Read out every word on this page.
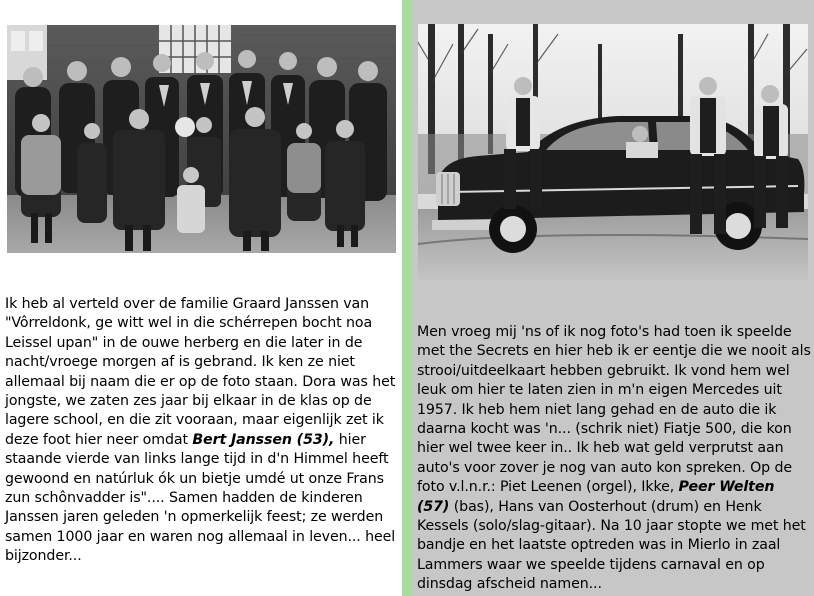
Ik heb al verteld over de familie Graard Janssen van "Vôrreldonk, ge witt wel in die schérrepen bocht noa Leissel upan" in de ouwe herberg en die later in de nacht/vroege morgen af is gebrand. Ik ken ze niet allemaal bij naam die er op de foto staan. Dora was het jongste, we zaten zes jaar bij elkaar in de klas op de lagere school, en die zit vooraan, maar eigenlijk zet ik deze foot hier neer omdat Bert Janssen (53), hier staande vierde van links lange tijd in d'n Himmel heeft gewoond en natúrluk ók un bietje umdé ut onze Frans zun schônvadder is".... Samen hadden de kinderen Janssen jaren geleden 'n opmerkelijk feest; ze werden samen 1000 jaar en waren nog allemaal in leven... heel bijzonder...

Men vroeg mij 'ns of ik nog foto's had toen ik speelde met the Secrets en hier heb ik er eentje die we nooit als strooi/uitdeelkaart hebben gebruikt. Ik vond hem wel leuk om hier te laten zien in m'n eigen Mercedes uit 1957. Ik heb hem niet lang gehad en de auto die ik daarna kocht was 'n... (schrik niet) Fiatje 500, die kon hier wel twee keer in.. Ik heb wat geld verprutst aan auto's voor zover je nog van auto kon spreken. Op de foto v.l.n.r.: Piet Leenen (orgel), Ikke, Peer Welten (57) (bas), Hans van Oosterhout (drum) en Henk Kessels (solo/slag-gitaar). Na 10 jaar stopte we met het bandje en het laatste optreden was in Mierlo in zaal Lammers waar we speelde tijdens carnaval en op dinsdag afscheid namen...
